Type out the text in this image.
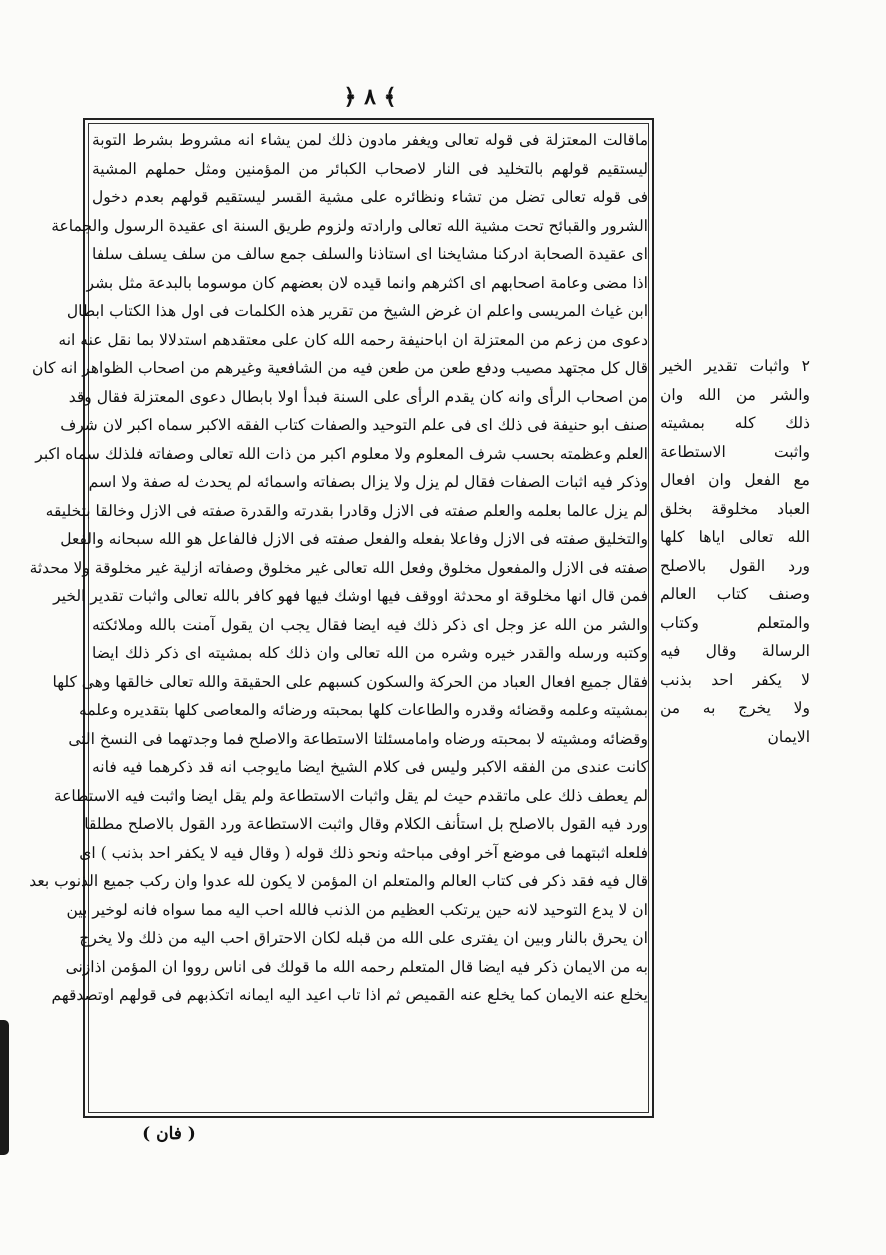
﴿ ٨ ﴾
ماقالت المعتزلة فى قوله تعالى ويغفر مادون ذلك لمن يشاء انه مشروط بشرط التوبة
ليستقيم قولهم بالتخليد فى النار لاصحاب الكبائر من المؤمنين ومثل حملهم المشية
فى قوله تعالى تضل من تشاء ونظائره على مشية القسر ليستقيم قولهم بعدم دخول
الشرور والقبائح تحت مشية الله تعالى وارادته ولزوم طريق السنة اى عقيدة الرسول والجماعة
اى عقيدة الصحابة ادركنا مشايخنا اى استاذنا والسلف جمع سالف من سلف يسلف سلفا
اذا مضى وعامة اصحابهم اى اكثرهم وانما قيده لان بعضهم كان موسوما بالبدعة مثل بشر
ابن غياث المريسى واعلم ان غرض الشيخ من تقرير هذه الكلمات فى اول هذا الكتاب ابطال
دعوى من زعم من المعتزلة ان اباحنيفة رحمه الله كان على معتقدهم استدلالا بما نقل عنه انه
قال كل مجتهد مصيب ودفع طعن من طعن فيه من الشافعية وغيرهم من اصحاب الظواهر انه كان
من اصحاب الرأى وانه كان يقدم الرأى على السنة فبدأ اولا بابطال دعوى المعتزلة فقال وقد
صنف ابو حنيفة فى ذلك اى فى علم التوحيد والصفات كتاب الفقه الاكبر سماه اكبر لان شرف
العلم وعظمته بحسب شرف المعلوم ولا معلوم اكبر من ذات الله تعالى وصفاته فلذلك سماه اكبر
وذكر فيه اثبات الصفات فقال لم يزل ولا يزال بصفاته واسمائه لم يحدث له صفة ولا اسم
لم يزل عالما بعلمه والعلم صفته فى الازل وقادرا بقدرته والقدرة صفته فى الازل وخالقا بتخليقه
والتخليق صفته فى الازل وفاعلا بفعله والفعل صفته فى الازل فالفاعل هو الله سبحانه والفعل
صفته فى الازل والمفعول مخلوق وفعل الله تعالى غير مخلوق وصفاته ازلية غير مخلوقة ولا محدثة
فمن قال انها مخلوقة او محدثة اووقف فيها اوشك فيها فهو كافر بالله تعالى واثبات تقدير الخير
والشر من الله عز وجل اى ذكر ذلك فيه ايضا فقال يجب ان يقول آمنت بالله وملائكته
وكتبه ورسله والقدر خيره وشره من الله تعالى وان ذلك كله بمشيته اى ذكر ذلك ايضا
فقال جميع افعال العباد من الحركة والسكون كسبهم على الحقيقة والله تعالى خالقها وهى كلها
بمشيته وعلمه وقضائه وقدره والطاعات كلها بمحبته ورضائه والمعاصى كلها بتقديره وعلمه
وقضائه ومشيته لا بمحبته ورضاه وامامسئلتا الاستطاعة والاصلح فما وجدتهما فى النسخ التى
كانت عندى من الفقه الاكبر وليس فى كلام الشيخ ايضا مايوجب انه قد ذكرهما فيه فانه
لم يعطف ذلك على ماتقدم حيث لم يقل واثبات الاستطاعة ولم يقل ايضا واثبت فيه الاستطاعة
ورد فيه القول بالاصلح بل استأنف الكلام وقال واثبت الاستطاعة ورد القول بالاصلح مطلقا
فلعله اثبتهما فى موضع آخر اوفى مباحثه ونحو ذلك قوله ( وقال فيه لا يكفر احد بذنب ) اى
قال فيه فقد ذكر فى كتاب العالم والمتعلم ان المؤمن لا يكون لله عدوا وان ركب جميع الذنوب بعد
ان لا يدع التوحيد لانه حين يرتكب العظيم من الذنب فالله احب اليه مما سواه فانه لوخير بين
ان يحرق بالنار وبين ان يفترى على الله من قبله لكان الاحتراق احب اليه من ذلك ولا يخرج
به من الايمان ذكر فيه ايضا قال المتعلم رحمه الله ما قولك فى اناس رووا ان المؤمن اذازنى
يخلع عنه الايمان كما يخلع عنه القميص ثم اذا تاب اعيد اليه ايمانه اتكذبهم فى قولهم اوتصدقهم
٢ واثبات تقدير الخير
والشر من الله وان
ذلك كله بمشيته
واثبت الاستطاعة
مع الفعل وان افعال
العباد مخلوقة بخلق
الله تعالى اياها كلها
ورد القول بالاصلح
وصنف كتاب العالم
والمتعلم وكتاب
الرسالة وقال فيه
لا يكفر احد بذنب
ولا يخرج به من
الايمان
( فان )
